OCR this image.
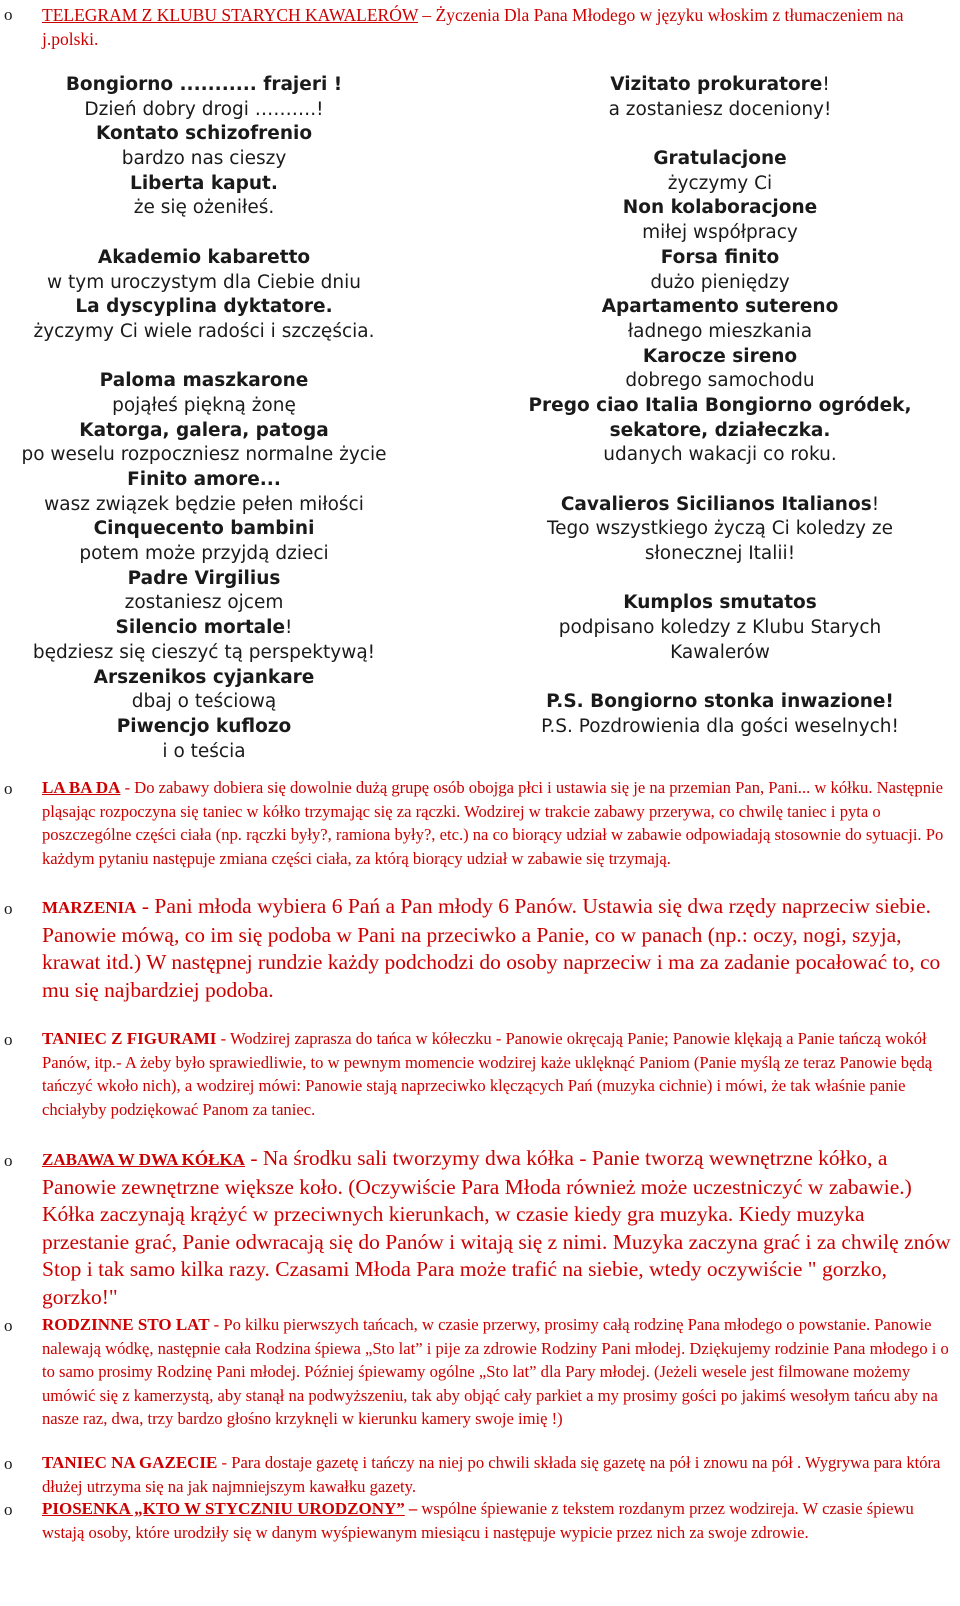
o TELEGRAM Z KLUBU STARYCH KAWALERÓW – Życzenia Dla Pana Młodego w języku włoskim z tłumaczeniem na j.polski.
Bongiorno ........... frajeri !
Dzień dobry drogi ……….!
Kontato schizofrenio
bardzo nas cieszy
Liberta kaput.
że się ożeniłeś.
Akademio kabaretto
w tym uroczystym dla Ciebie dniu
La dyscyplina dyktatore.
życzymy Ci wiele radości i szczęścia.
Paloma maszkarone
pojąłeś piękną żonę
Katorga, galera, patoga
po weselu rozpoczniesz normalne życie
Finito amore...
wasz związek będzie pełen miłości
Cinquecento bambini
potem może przyjdą dzieci
Padre Virgilius
zostaniesz ojcem
Silencio mortale!
będziesz się cieszyć tą perspektywą!
Arszenikos cyjankare
dbaj o teściową
Piwencjo kuflozo
i o teścia
Vizitato prokuratore!
a zostaniesz doceniony!
Gratulacjone
życzymy Ci
Non kolaboracjone
miłej współpracy
Forsa finito
dużo pieniędzy
Apartamento sutereno
ładnego mieszkania
Karocze sireno
dobrego samochodu
Prego ciao Italia Bongiorno ogródek,
sekatore, działeczka.
udanych wakacji co roku.
Cavalieros Sicilianos Italianos!
Tego wszystkiego życzą Ci koledzy ze
słonecznej Italii!
Kumplos smutatos
podpisano koledzy z Klubu Starych
Kawalerów
P.S. Bongiorno stonka inwazione!
P.S. Pozdrowienia dla gości weselnych!
o LA BA DA - Do zabawy dobiera się dowolnie dużą grupę osób obojga płci i ustawia się je na przemian Pan, Pani... w kółku. Następnie pląsając rozpoczyna się taniec w kółko trzymając się za rączki. Wodzirej w trakcie zabawy przerywa, co chwilę taniec i pyta o poszczególne części ciała (np. rączki były?, ramiona były?, etc.) na co biorący udział w zabawie odpowiadają stosownie do sytuacji. Po każdym pytaniu następuje zmiana części ciała, za którą biorący udział w zabawie się trzymają.
o MARZENIA - Pani młoda wybiera 6 Pań a Pan młody 6 Panów. Ustawia się dwa rzędy naprzeciw siebie. Panowie mówą, co im się podoba w Pani na przeciwko a Panie, co w panach (np.: oczy, nogi, szyja, krawat itd.) W następnej rundzie każdy podchodzi do osoby naprzeciw i ma za zadanie pocałować to, co mu się najbardziej podoba.
o TANIEC Z FIGURAMI - Wodzirej zaprasza do tańca w kółeczku - Panowie okręcają Panie; Panowie klękają a Panie tańczą wokół Panów, itp.- A żeby było sprawiedliwie, to w pewnym momencie wodzirej każe uklęknąć Paniom (Panie myślą ze teraz Panowie będą tańczyć wkoło nich), a wodzirej mówi: Panowie stają naprzeciwko klęczących Pań (muzyka cichnie) i mówi, że tak właśnie panie chciałyby podziękować Panom za taniec.
o ZABAWA W DWA KÓŁKA - Na środku sali tworzymy dwa kółka - Panie tworzą wewnętrzne kółko, a Panowie zewnętrzne większe koło. (Oczywiście Para Młoda również może uczestniczyć w zabawie.) Kółka zaczynają krążyć w przeciwnych kierunkach, w czasie kiedy gra muzyka. Kiedy muzyka przestanie grać, Panie odwracają się do Panów i witają się z nimi. Muzyka zaczyna grać i za chwilę znów Stop i tak samo kilka razy. Czasami Młoda Para może trafić na siebie, wtedy oczywiście " gorzko, gorzko!"
o RODZINNE STO LAT - Po kilku pierwszych tańcach, w czasie przerwy, prosimy całą rodzinę Pana młodego o powstanie. Panowie nalewają wódkę, następnie cała Rodzina śpiewa „Sto lat” i pije za zdrowie Rodziny Pani młodej. Dziękujemy rodzinie Pana młodego i o to samo prosimy Rodzinę Pani młodej. Później śpiewamy ogólne „Sto lat” dla Pary młodej. (Jeżeli wesele jest filmowane możemy umówić się z kamerzystą, aby stanął na podwyższeniu, tak aby objąć cały parkiet a my prosimy gości po jakimś wesołym tańcu aby na nasze raz, dwa, trzy bardzo głośno krzyknęli w kierunku kamery swoje imię !)
o TANIEC NA GAZECIE - Para dostaje gazetę i tańczy na niej po chwili składa się gazetę na pół i znowu na pół . Wygrywa para która dłużej utrzyma się na jak najmniejszym kawałku gazety.
o PIOSENKA „KTO W STYCZNIU URODZONY” – wspólne śpiewanie z tekstem rozdanym przez wodzireja. W czasie śpiewu wstają osoby, które urodziły się w danym wyśpiewanym miesiącu i następuje wypicie przez nich za swoje zdrowie.
